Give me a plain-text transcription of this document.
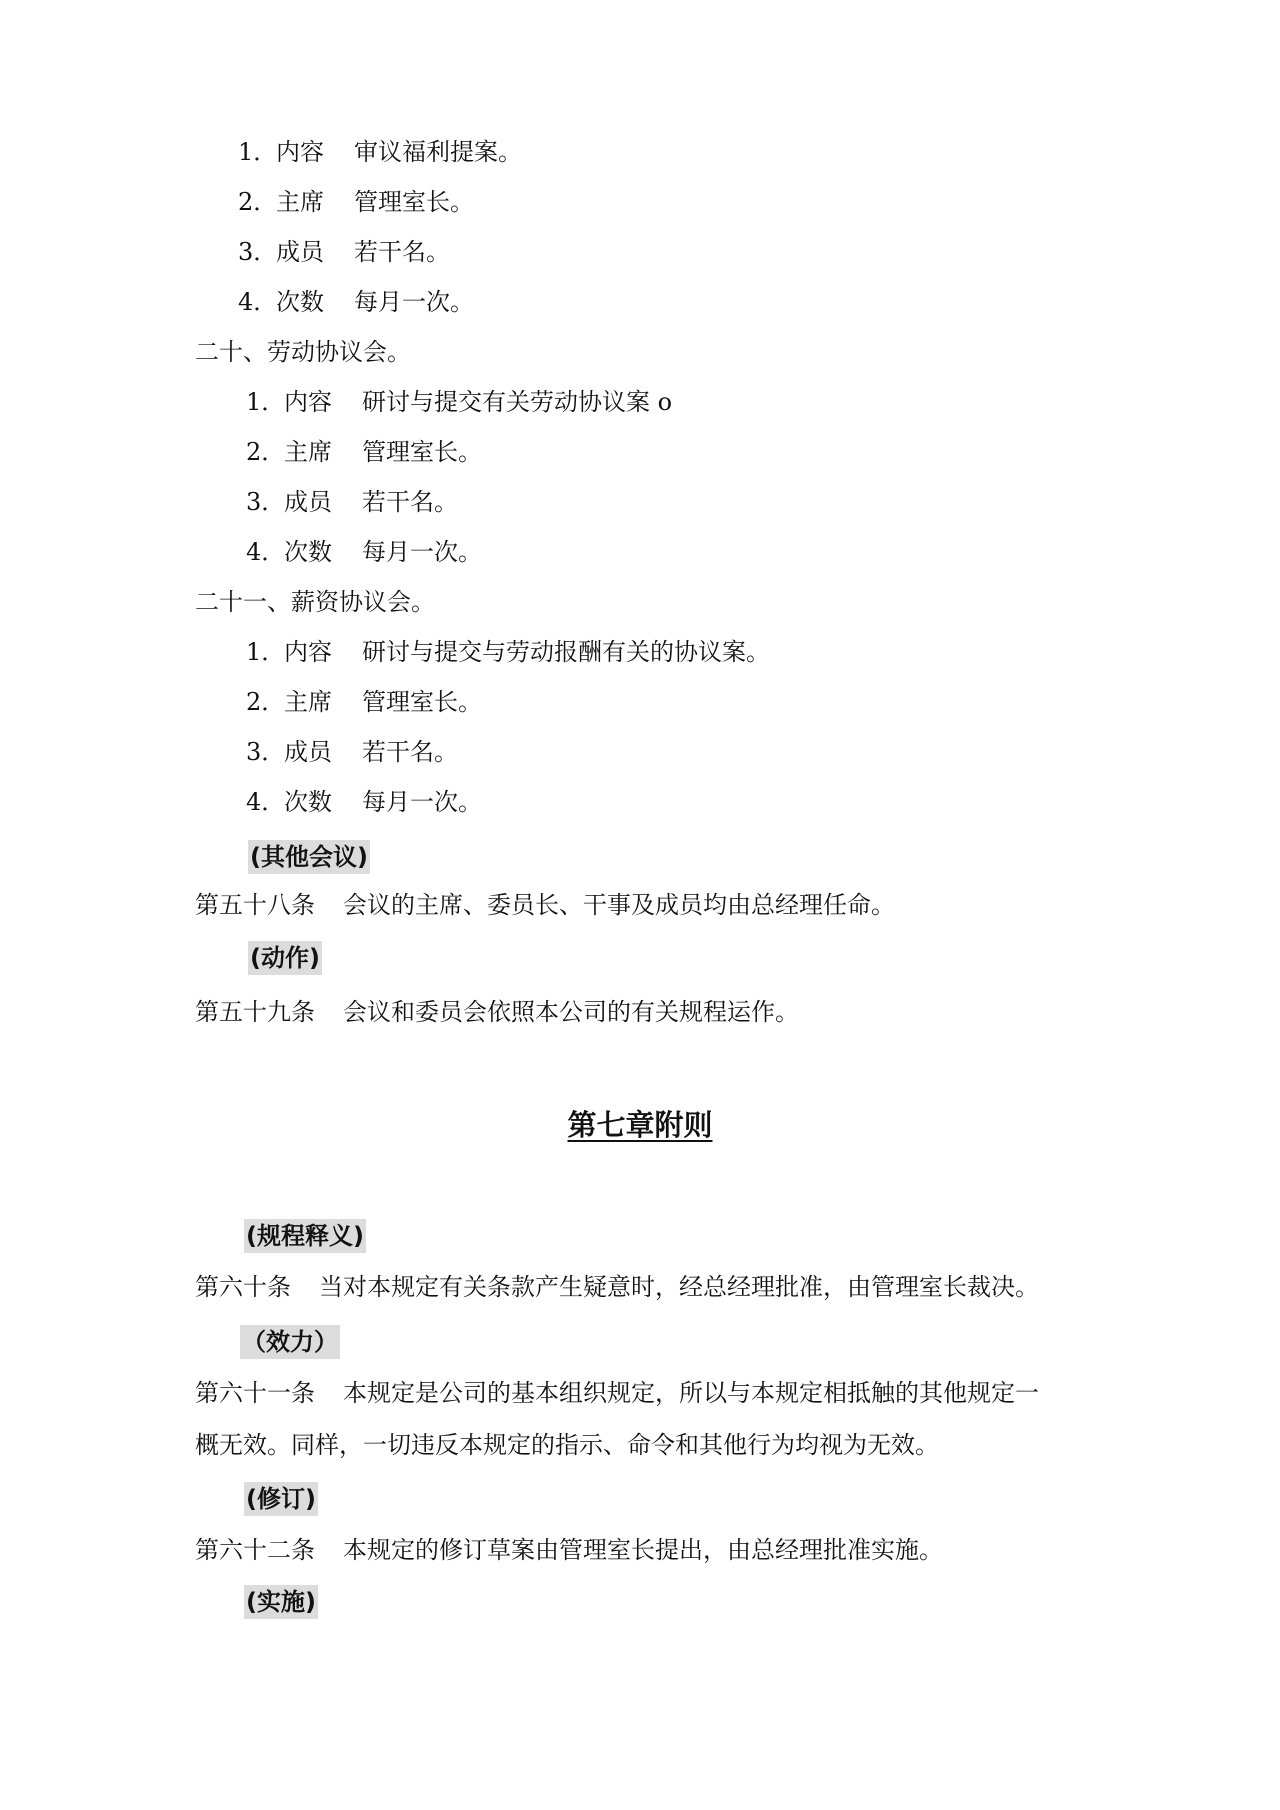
1．内容 审议福利提案。
2．主席 管理室长。
3．成员 若干名。
4．次数 每月一次。
二十、劳动协议会。
1．内容 研讨与提交有关劳动协议案 o
2．主席 管理室长。
3．成员 若干名。
4．次数 每月一次。
二十一、薪资协议会。
1．内容 研讨与提交与劳动报酬有关的协议案。
2．主席 管理室长。
3．成员 若干名。
4．次数 每月一次。
(其他会议)
第五十八条 会议的主席、委员长、干事及成员均由总经理任命。
(动作)
第五十九条 会议和委员会依照本公司的有关规程运作。
第七章附则
(规程释义)
第六十条 当对本规定有关条款产生疑意时，经总经理批准，由管理室长裁决。
（效力）
第六十一条 本规定是公司的基本组织规定，所以与本规定相抵触的其他规定一
概无效。同样，一切违反本规定的指示、命令和其他行为均视为无效。
(修订)
第六十二条 本规定的修订草案由管理室长提出，由总经理批准实施。
(实施)
